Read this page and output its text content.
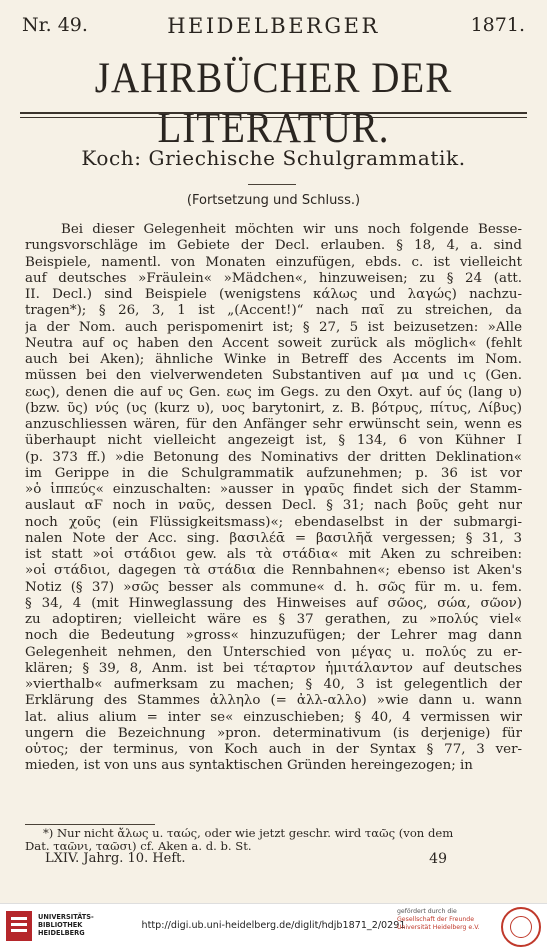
Nr. 49.	HEIDELBERGER	1871.
JAHRBÜCHER DER LITERATUR.
Koch: Griechische Schulgrammatik.
(Fortsetzung und Schluss.)
Bei dieser Gelegenheit möchten wir uns noch folgende Besse-
rungsvorschläge im Gebiete der Decl. erlauben. § 18, 4, a. sind
Beispiele, namentl. von Monaten einzufügen, ebds. c. ist vielleicht
auf deutsches »Fräulein« »Mädchen«, hinzuweisen; zu § 24 (att.
II. Decl.) sind Beispiele (wenigstens κάλως und λαγώς) nachzu-
tragen*); § 26, 3, 1 ist „(Accent!)“ nach παῖ zu streichen, da
ja der Nom. auch perispomenirt ist; § 27, 5 ist beizusetzen: »Alle
Neutra auf ος haben den Accent soweit zurück als möglich« (fehlt
auch bei Aken); ähnliche Winke in Betreff des Accents im Nom.
müssen bei den vielverwendeten Substantiven auf μα und ις (Gen.
εως), denen die auf υς Gen. εως im Gegs. zu den Oxyt. auf ύς (lang υ)
(bzw. ῦς) νύς (υς (kurz υ), υος barytonirt, z. B. βότρυς, πίτυς, Λίβυς)
anzuschliessen wären, für den Anfänger sehr erwünscht sein, wenn es
überhaupt nicht vielleicht angezeigt ist, § 134, 6 von Kühner I
(p. 373 ff.) »die Betonung des Nominativs der dritten Deklination«
im Gerippe in die Schulgrammatik aufzunehmen; p. 36 ist vor
»ὁ ἱππεύς« einzuschalten: »ausser in γραῦς findet sich der Stamm-
auslaut αϜ noch in ναῦς, dessen Decl. § 31; nach βοῦς geht nur
noch χοῦς (ein Flüssigkeitsmass)«; ebendaselbst in der submargi-
nalen Note der Acc. sing. βασιλέᾱ = βασιλῆᾰ vergessen; § 31, 3
ist statt »οἱ στάδιοι gew. als τὰ στάδια« mit Aken zu schreiben:
»οἱ στάδιοι, dagegen τὰ στάδια die Rennbahnen«; ebenso ist Aken's
Notiz (§ 37) »σῶς besser als commune« d. h. σῶς für m. u. fem.
§ 34, 4 (mit Hinweglassung des Hinweises auf σῶος, σώα, σῶον)
zu adoptiren; vielleicht wäre es § 37 gerathen, zu »πολύς viel«
noch die Bedeutung »gross« hinzuzufügen; der Lehrer mag dann
Gelegenheit nehmen, den Unterschied von μέγας u. πολύς zu er-
klären; § 39, 8, Anm. ist bei τέταρτον ἡμιτάλαντον auf deutsches
»vierthalb« aufmerksam zu machen; § 40, 3 ist gelegentlich der
Erklärung des Stammes ἀλληλο (= ἀλλ-αλλο) »wie dann u. wann
lat. alius alium = inter se« einzuschieben; § 40, 4 vermissen wir
ungern die Bezeichnung »pron. determinativum (is derjenige) für
οὗτος; der terminus, von Koch auch in der Syntax § 77, 3 ver-
mieden, ist von uns aus syntaktischen Gründen hereingezogen; in
*) Nur nicht ἄλως u. ταώς, oder wie jetzt geschr. wird ταῶς (von dem
Dat. ταῶνι, ταῶσι) cf. Aken a. d. b. St.
LXIV. Jahrg. 10. Heft.	49
UNIVERSITÄTS-
BIBLIOTHEK
HEIDELBERG
http://digi.ub.uni-heidelberg.de/diglit/hdjb1871_2/0291
gefördert durch die
Gesellschaft der Freunde
Universität Heidelberg e.V.
